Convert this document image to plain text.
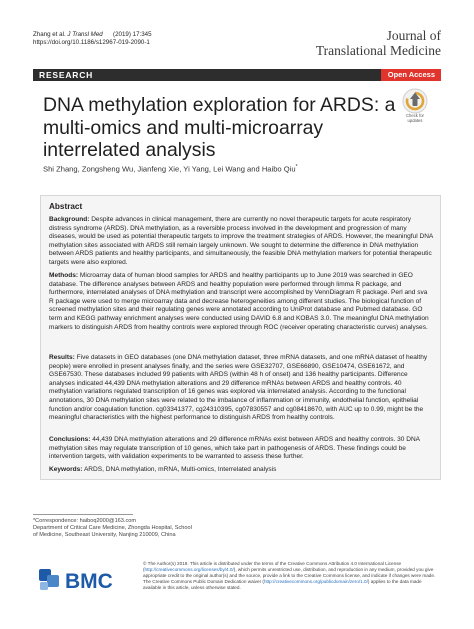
Zhang et al. J Transl Med      (2019) 17:345
https://doi.org/10.1186/s12967-019-2090-1	Journal of
Translational Medicine
RESEARCH	Open Access
DNA methylation exploration for ARDS: a multi-omics and multi-microarray interrelated analysis
Check for
updates
Shi Zhang, Zongsheng Wu, Jianfeng Xie, Yi Yang, Lei Wang and Haibo Qiu*
Abstract
Background: Despite advances in clinical management, there are currently no novel therapeutic targets for acute respiratory distress syndrome (ARDS). DNA methylation, as a reversible process involved in the development and progression of many diseases, would be used as potential therapeutic targets to improve the treatment strategies of ARDS. However, the meaningful DNA methylation sites associated with ARDS still remain largely unknown. We sought to determine the difference in DNA methylation between ARDS patients and healthy participants, and simultaneously, the feasible DNA methylation markers for potential therapeutic targets were also explored.
Methods: Microarray data of human blood samples for ARDS and healthy participants up to June 2019 was searched in GEO database. The difference analyses between ARDS and healthy population were performed through limma R package, and furthermore, interrelated analyses of DNA methylation and transcript were accomplished by VennDiagram R package. Perl and sva R package were used to merge microarray data and decrease heterogeneities among different studies. The biological function of screened methylation sites and their regulating genes were annotated according to UniProt database and Pubmed database. GO term and KEGG pathway enrichment analyses were conducted using DAVID 6.8 and KOBAS 3.0. The meaningful DNA methylation markers to distinguish ARDS from healthy controls were explored through ROC (receiver operating characteristic curves) analyses.
Results: Five datasets in GEO databases (one DNA methylation dataset, three mRNA datasets, and one mRNA dataset of healthy people) were enrolled in present analyses finally, and the series were GSE32707, GSE66890, GSE10474, GSE61672, and GSE67530. These databases included 99 patients with ARDS (within 48 h of onset) and 136 healthy participants. Difference analyses indicated 44,439 DNA methylation alterations and 29 difference mRNAs between ARDS and healthy controls. 40 methylation variations regulated transcription of 16 genes was explored via interrelated analysis. According to the functional annotations, 30 DNA methylation sites were related to the imbalance of inflammation or immunity, endothelial function, epithelial function and/or coagulation function. cg03341377, cg24310395, cg07830557 and cg08418670, with AUC up to 0.99, might be the meaningful characteristics with the highest performance to distinguish ARDS from healthy controls.
Conclusions: 44,439 DNA methylation alterations and 29 difference mRNAs exist between ARDS and healthy controls. 30 DNA methylation sites may regulate transcription of 10 genes, which take part in pathogenesis of ARDS. These findings could be intervention targets, with validation experiments to be warranted to assess these further.
Keywords: ARDS, DNA methylation, mRNA, Multi-omics, Interrelated analysis
*Correspondence: haiboq2000@163.com
Department of Critical Care Medicine, Zhongda Hospital, School
of Medicine, Southeast University, Nanjing 210009, China
BMC
© The Author(s) 2019. This article is distributed under the terms of the Creative Commons Attribution 4.0 International License (http://creativecommons.org/licenses/by/4.0/), which permits unrestricted use, distribution, and reproduction in any medium, provided you give appropriate credit to the original author(s) and the source, provide a link to the Creative Commons license, and indicate if changes were made. The Creative Commons Public Domain Dedication waiver (http://creativecommons.org/publicdomain/zero/1.0/) applies to the data made available in this article, unless otherwise stated.
